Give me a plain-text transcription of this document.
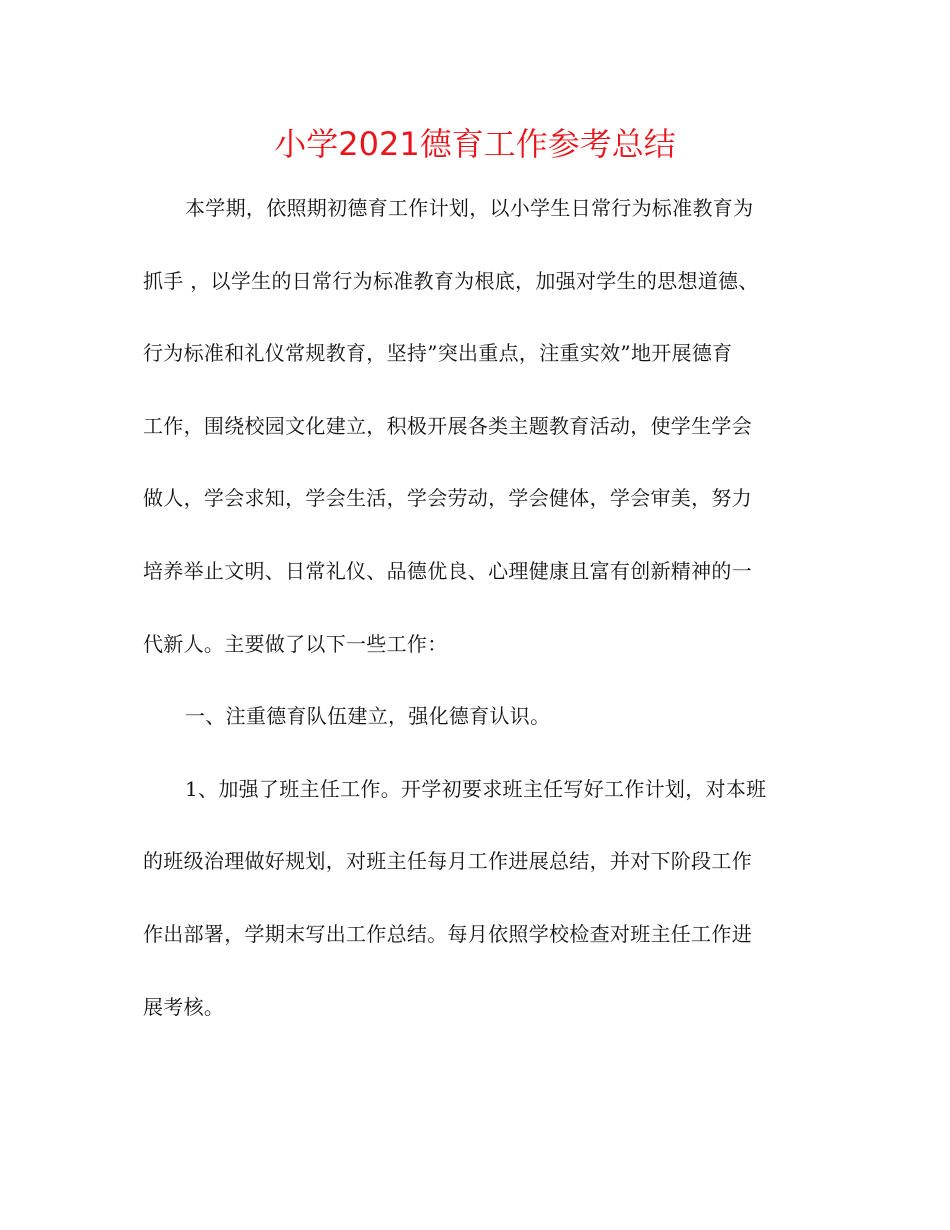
小学2021德育工作参考总结
本学期，依照期初德育工作计划，以小学生日常行为标准教育为
抓手 ，以学生的日常行为标准教育为根底，加强对学生的思想道德、
行为标准和礼仪常规教育，坚持”突出重点，注重实效”地开展德育
工作，围绕校园文化建立，积极开展各类主题教育活动，使学生学会
做人，学会求知，学会生活，学会劳动，学会健体，学会审美，努力
培养举止文明、日常礼仪、品德优良、心理健康且富有创新精神的一
代新人。主要做了以下一些工作：
一、注重德育队伍建立，强化德育认识。
1、加强了班主任工作。开学初要求班主任写好工作计划，对本班
的班级治理做好规划，对班主任每月工作进展总结，并对下阶段工作
作出部署，学期末写出工作总结。每月依照学校检查对班主任工作进
展考核。
